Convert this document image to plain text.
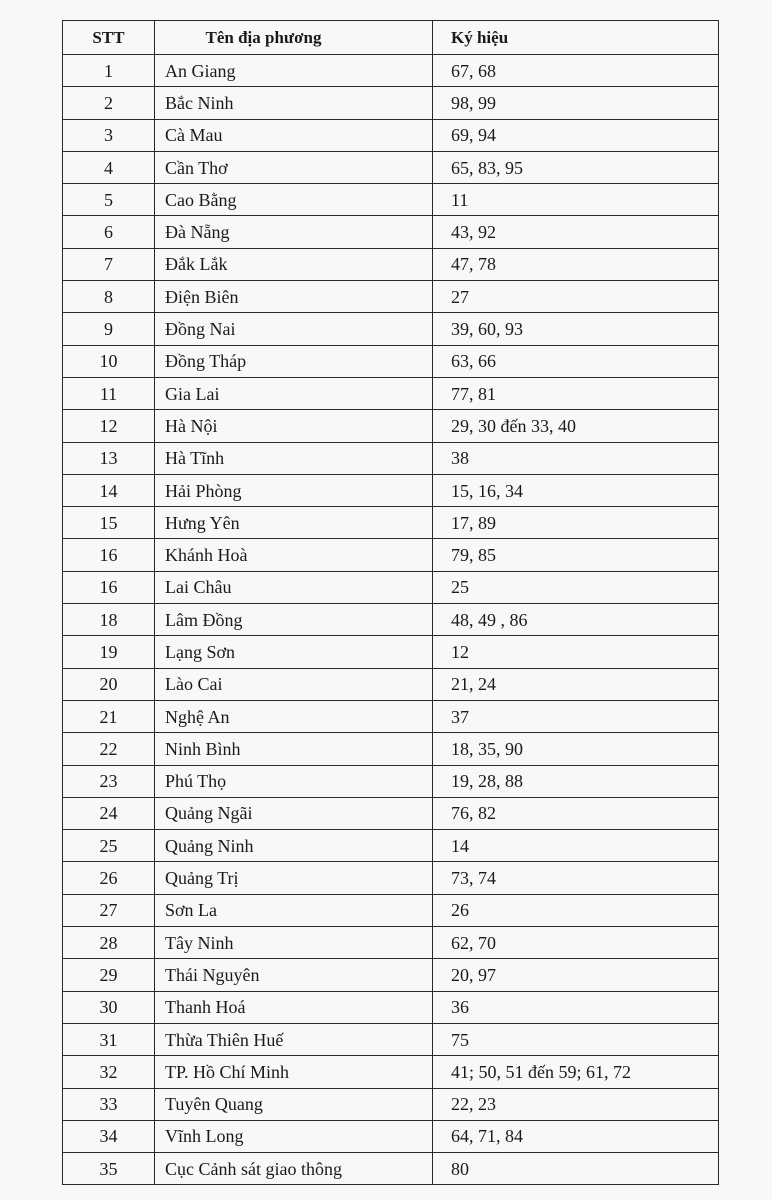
STT	Tên địa phương	Ký hiệu
1	An Giang	67, 68
2	Bắc Ninh	98, 99
3	Cà Mau	69, 94
4	Cần Thơ	65, 83, 95
5	Cao Bằng	11
6	Đà Nẵng	43, 92
7	Đắk Lắk	47, 78
8	Điện Biên	27
9	Đồng Nai	39, 60, 93
10	Đồng Tháp	63, 66
11	Gia Lai	77, 81
12	Hà Nội	29, 30 đến 33, 40
13	Hà Tĩnh	38
14	Hải Phòng	15, 16, 34
15	Hưng Yên	17, 89
16	Khánh Hoà	79, 85
16	Lai Châu	25
18	Lâm Đồng	48, 49 , 86
19	Lạng Sơn	12
20	Lào Cai	21, 24
21	Nghệ An	37
22	Ninh Bình	18, 35, 90
23	Phú Thọ	19, 28, 88
24	Quảng Ngãi	76, 82
25	Quảng Ninh	14
26	Quảng Trị	73, 74
27	Sơn La	26
28	Tây Ninh	62, 70
29	Thái Nguyên	20, 97
30	Thanh Hoá	36
31	Thừa Thiên Huế	75
32	TP. Hồ Chí Minh	41; 50, 51 đến 59; 61, 72
33	Tuyên Quang	22, 23
34	Vĩnh Long	64, 71, 84
35	Cục Cảnh sát giao thông	80
